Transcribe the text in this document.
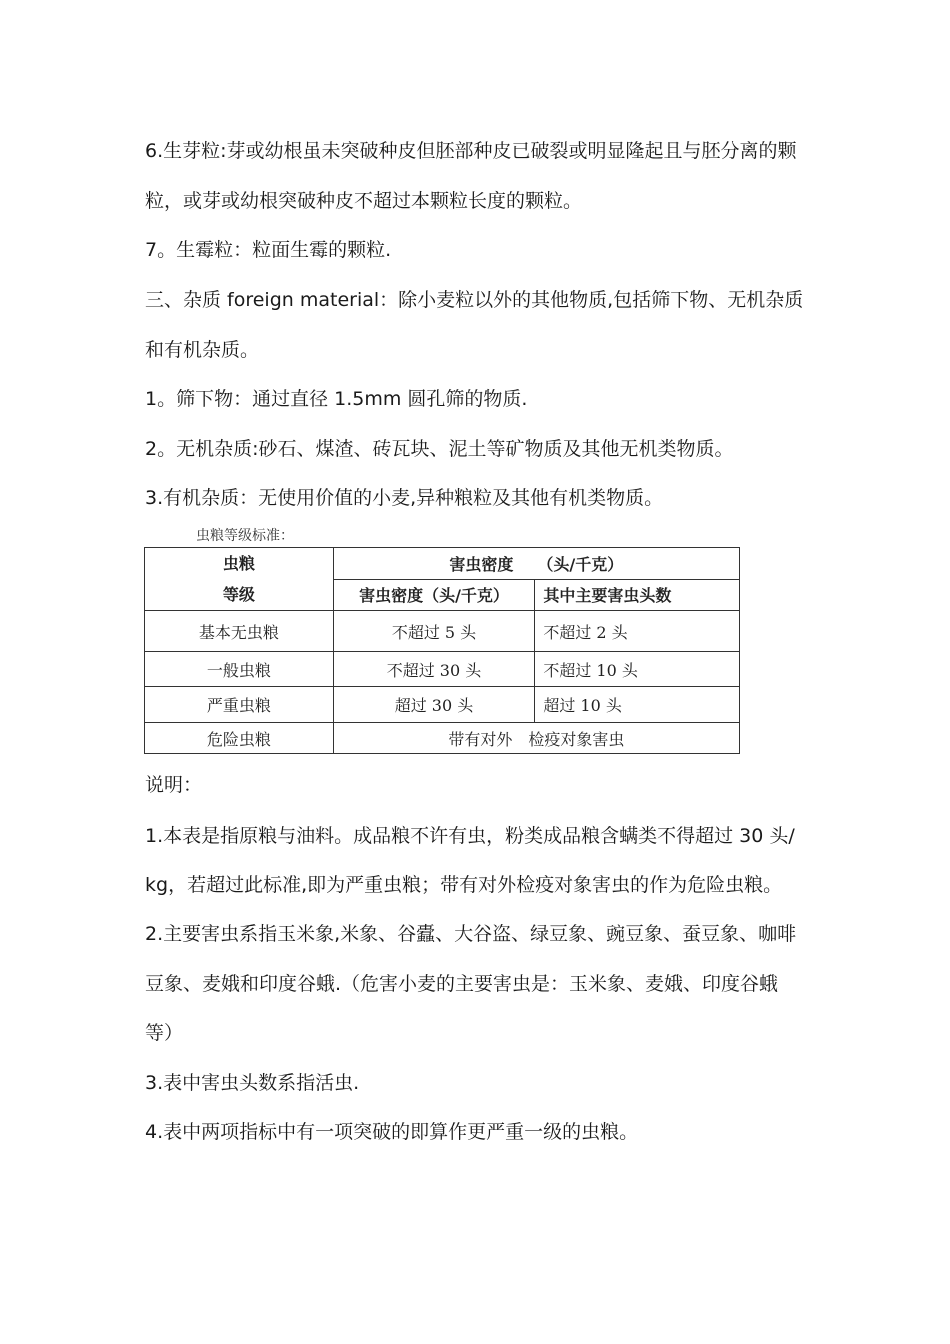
6.生芽粒:芽或幼根虽未突破种皮但胚部种皮已破裂或明显隆起且与胚分离的颗
粒，或芽或幼根突破种皮不超过本颗粒长度的颗粒。
7。生霉粒：粒面生霉的颗粒.
三、杂质 foreign material：除小麦粒以外的其他物质,包括筛下物、无机杂质
和有机杂质。
1。筛下物：通过直径 1.5mm 圆孔筛的物质.
2。无机杂质:砂石、煤渣、砖瓦块、泥土等矿物质及其他无机类物质。
3.有机杂质：无使用价值的小麦,异种粮粒及其他有机类物质。
虫粮等级标准：
虫粮
等级	害虫密度　　（头/千克）	
	害虫密度（头/千克）	其中主要害虫头数
基本无虫粮	不超过 5 头	不超过 2 头
一般虫粮	不超过 30 头	不超过 10 头
严重虫粮	超过 30 头	超过 10 头
危险虫粮	带有对外　检疫对象害虫	
说明：
1.本表是指原粮与油料。成品粮不许有虫，粉类成品粮含螨类不得超过 30 头/
kg，若超过此标准,即为严重虫粮；带有对外检疫对象害虫的作为危险虫粮。
2.主要害虫系指玉米象,米象、谷蠹、大谷盗、绿豆象、豌豆象、蚕豆象、咖啡
豆象、麦娥和印度谷蛾.（危害小麦的主要害虫是：玉米象、麦娥、印度谷蛾
等）
3.表中害虫头数系指活虫.
4.表中两项指标中有一项突破的即算作更严重一级的虫粮。
